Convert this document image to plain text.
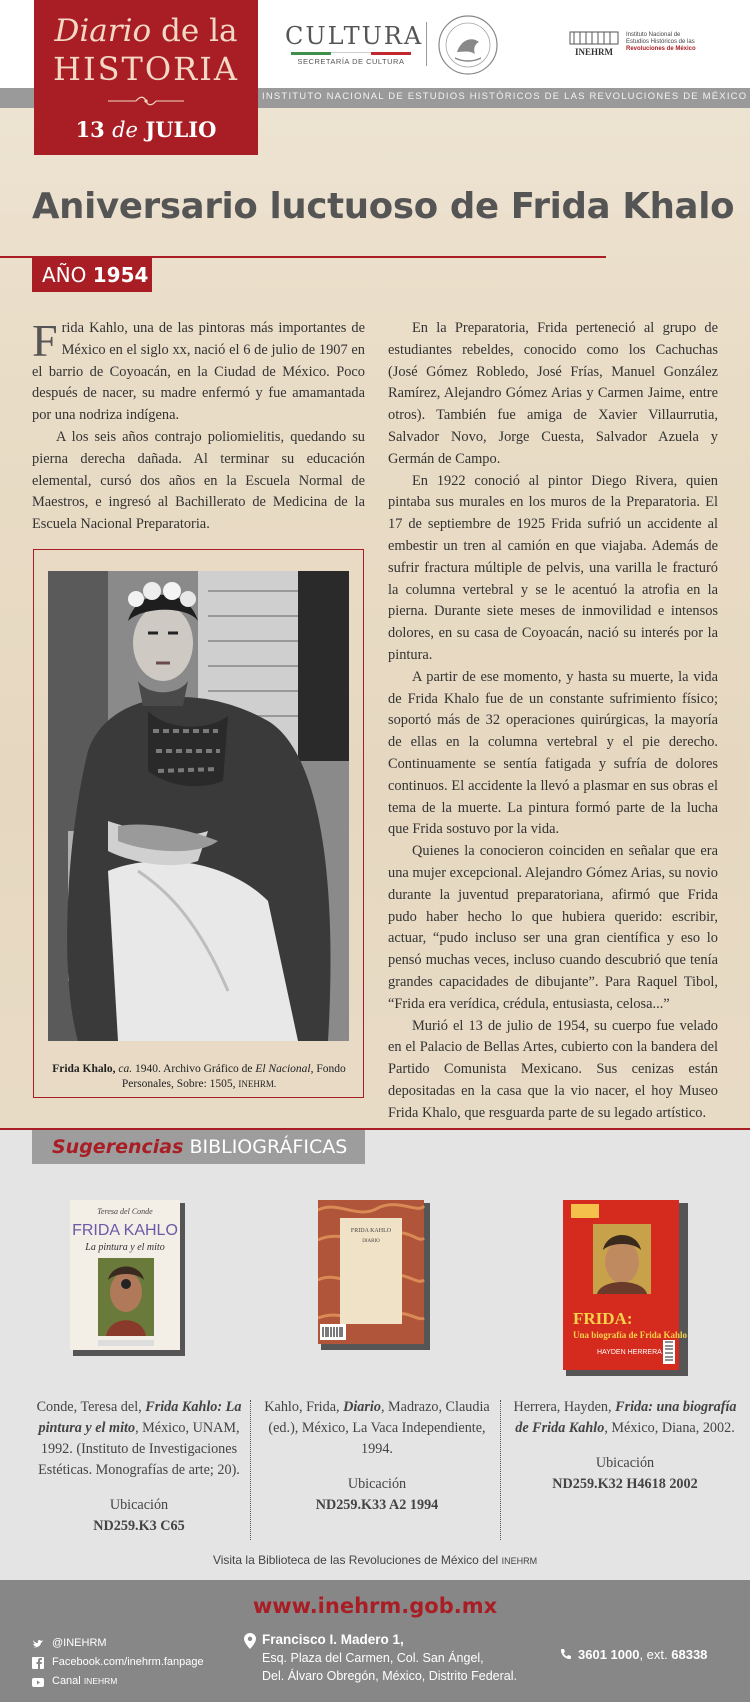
INSTITUTO NACIONAL DE ESTUDIOS HISTÓRICOS DE LAS REVOLUCIONES DE MÉXICO
Diario de la
HISTORIA
13 de JULIO
CULTURA
SECRETARÍA DE CULTURA
INEHRM
Instituto Nacional de
Estudios Históricos de las
Revoluciones de México
Aniversario luctuoso de Frida Khalo
AÑO 1954

Frida Kahlo, una de las pintoras más importantes de México en el siglo xx, nació el 6 de julio de 1907 en el barrio de Coyoacán, en la Ciudad de México. Poco después de nacer, su madre enfermó y fue amamantada por una nodriza indígena.

A los seis años contrajo poliomielitis, quedando su pierna derecha dañada. Al terminar su educación elemental, cursó dos años en la Escuela Normal de Maestros, e ingresó al Bachillerato de Medicina de la Escuela Nacional Preparatoria.

Frida Khalo, ca. 1940. Archivo Gráfico de El Nacional, Fondo Personales, Sobre: 1505, INEHRM.

En la Preparatoria, Frida perteneció al grupo de estudiantes rebeldes, conocido como los Cachuchas (José Gómez Robledo, José Frías, Manuel González Ramírez, Alejandro Gómez Arias y Carmen Jaime, entre otros). También fue amiga de Xavier Villaurrutia, Salvador Novo, Jorge Cuesta, Salvador Azuela y Germán de Campo.

En 1922 conoció al pintor Diego Rivera, quien pintaba sus murales en los muros de la Preparatoria. El 17 de septiembre de 1925 Frida sufrió un accidente al embestir un tren al camión en que viajaba. Además de sufrir fractura múltiple de pelvis, una varilla le fracturó la columna vertebral y se le acentuó la atrofia en la pierna. Durante siete meses de inmovilidad e intensos dolores, en su casa de Coyoacán, nació su interés por la pintura.

A partir de ese momento, y hasta su muerte, la vida de Frida Khalo fue de un constante sufrimiento físico; soportó más de 32 operaciones quirúrgicas, la mayoría de ellas en la columna vertebral y el pie derecho. Continuamente se sentía fatigada y sufría de dolores continuos. El accidente la llevó a plasmar en sus obras el tema de la muerte. La pintura formó parte de la lucha que Frida sostuvo por la vida.

Quienes la conocieron coinciden en señalar que era una mujer excepcional. Alejandro Gómez Arias, su novio durante la juventud preparatoriana, afirmó que Frida pudo haber hecho lo que hubiera querido: escribir, actuar, “pudo incluso ser una gran científica y eso lo pensó muchas veces, incluso cuando descubrió que tenía grandes capacidades de dibujante”. Para Raquel Tibol, “Frida era verídica, crédula, entusiasta, celosa...”

Murió el 13 de julio de 1954, su cuerpo fue velado en el Palacio de Bellas Artes, cubierto con la bandera del Partido Comunista Mexicano. Sus cenizas están depositadas en la casa que la vio nacer, el hoy Museo Frida Khalo, que resguarda parte de su legado artístico.

Sugerencias BIBLIOGRÁFICAS
Teresa del Conde
FRIDA KAHLO
La pintura y el mito
FRIDA KAHLO
DIARIO
FRIDA:
Una biografía de Frida Kahlo
HAYDEN HERRERA
Conde, Teresa del, Frida Kahlo: La pintura y el mito, México, UNAM, 1992. (Instituto de Investigaciones Estéticas. Monografías de arte; 20).
Ubicación
ND259.K3 C65
Kahlo, Frida, Diario, Madrazo, Claudia (ed.), México, La Vaca Independiente, 1994.
Ubicación
ND259.K33 A2 1994
Herrera, Hayden, Frida: una biografía de Frida Kahlo, México, Diana, 2002.
Ubicación
ND259.K32 H4618 2002
Visita la Biblioteca de las Revoluciones de México del INEHRM
www.inehrm.gob.mx
@INEHRM
Facebook.com/inehrm.fanpage
Canal
INEHRM
Francisco I. Madero 1,
Esq. Plaza del Carmen, Col. San Ángel,
Del. Álvaro Obregón, México, Distrito Federal.
3601 1000, ext. 68338
